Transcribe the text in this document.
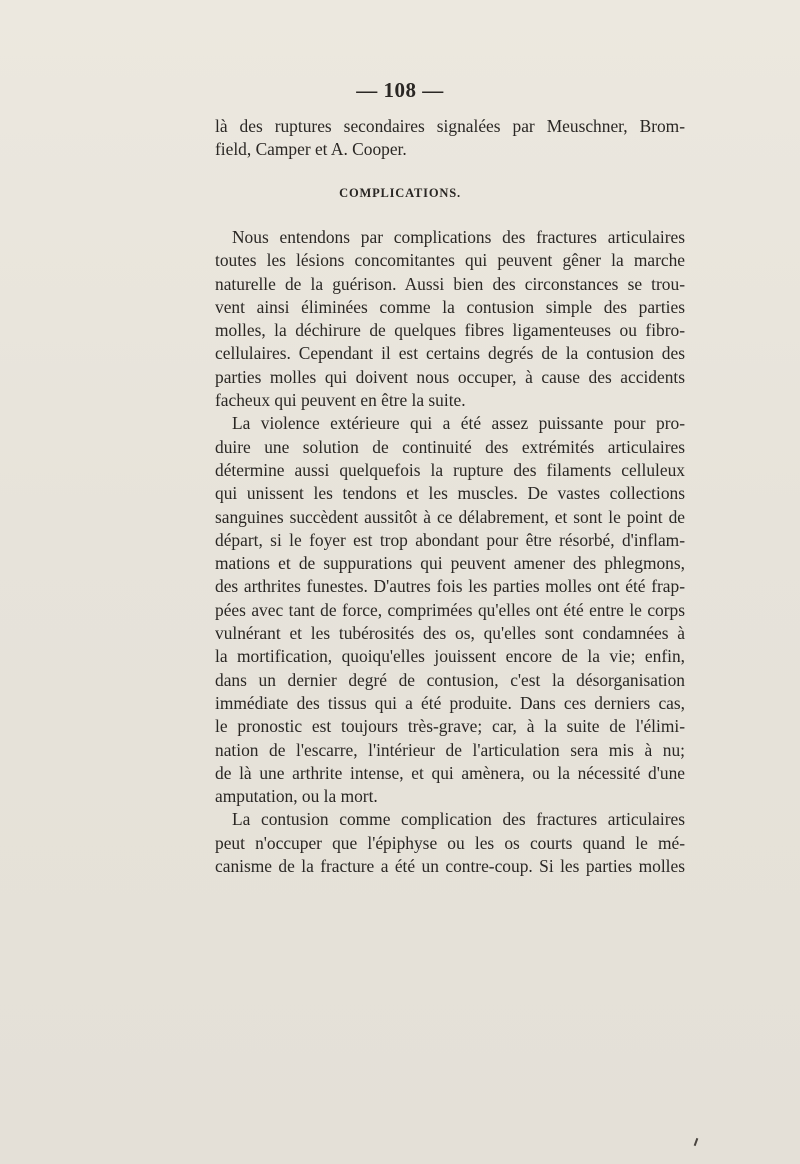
— 108 —
là des ruptures secondaires signalées par Meuschner, Brom-
field, Camper et A. Cooper.
COMPLICATIONS.
Nous entendons par complications des fractures articulaires
toutes les lésions concomitantes qui peuvent gêner la marche
naturelle de la guérison. Aussi bien des circonstances se trou-
vent ainsi éliminées comme la contusion simple des parties
molles, la déchirure de quelques fibres ligamenteuses ou fibro-
cellulaires. Cependant il est certains degrés de la contusion des
parties molles qui doivent nous occuper, à cause des accidents
facheux qui peuvent en être la suite.
La violence extérieure qui a été assez puissante pour pro-
duire une solution de continuité des extrémités articulaires
détermine aussi quelquefois la rupture des filaments celluleux
qui unissent les tendons et les muscles. De vastes collections
sanguines succèdent aussitôt à ce délabrement, et sont le point de
départ, si le foyer est trop abondant pour être résorbé, d'inflam-
mations et de suppurations qui peuvent amener des phlegmons,
des arthrites funestes. D'autres fois les parties molles ont été frap-
pées avec tant de force, comprimées qu'elles ont été entre le corps
vulnérant et les tubérosités des os, qu'elles sont condamnées à
la mortification, quoiqu'elles jouissent encore de la vie; enfin,
dans un dernier degré de contusion, c'est la désorganisation
immédiate des tissus qui a été produite. Dans ces derniers cas,
le pronostic est toujours très-grave; car, à la suite de l'élimi-
nation de l'escarre, l'intérieur de l'articulation sera mis à nu;
de là une arthrite intense, et qui amènera, ou la nécessité d'une
amputation, ou la mort.
La contusion comme complication des fractures articulaires
peut n'occuper que l'épiphyse ou les os courts quand le mé-
canisme de la fracture a été un contre-coup. Si les parties molles
